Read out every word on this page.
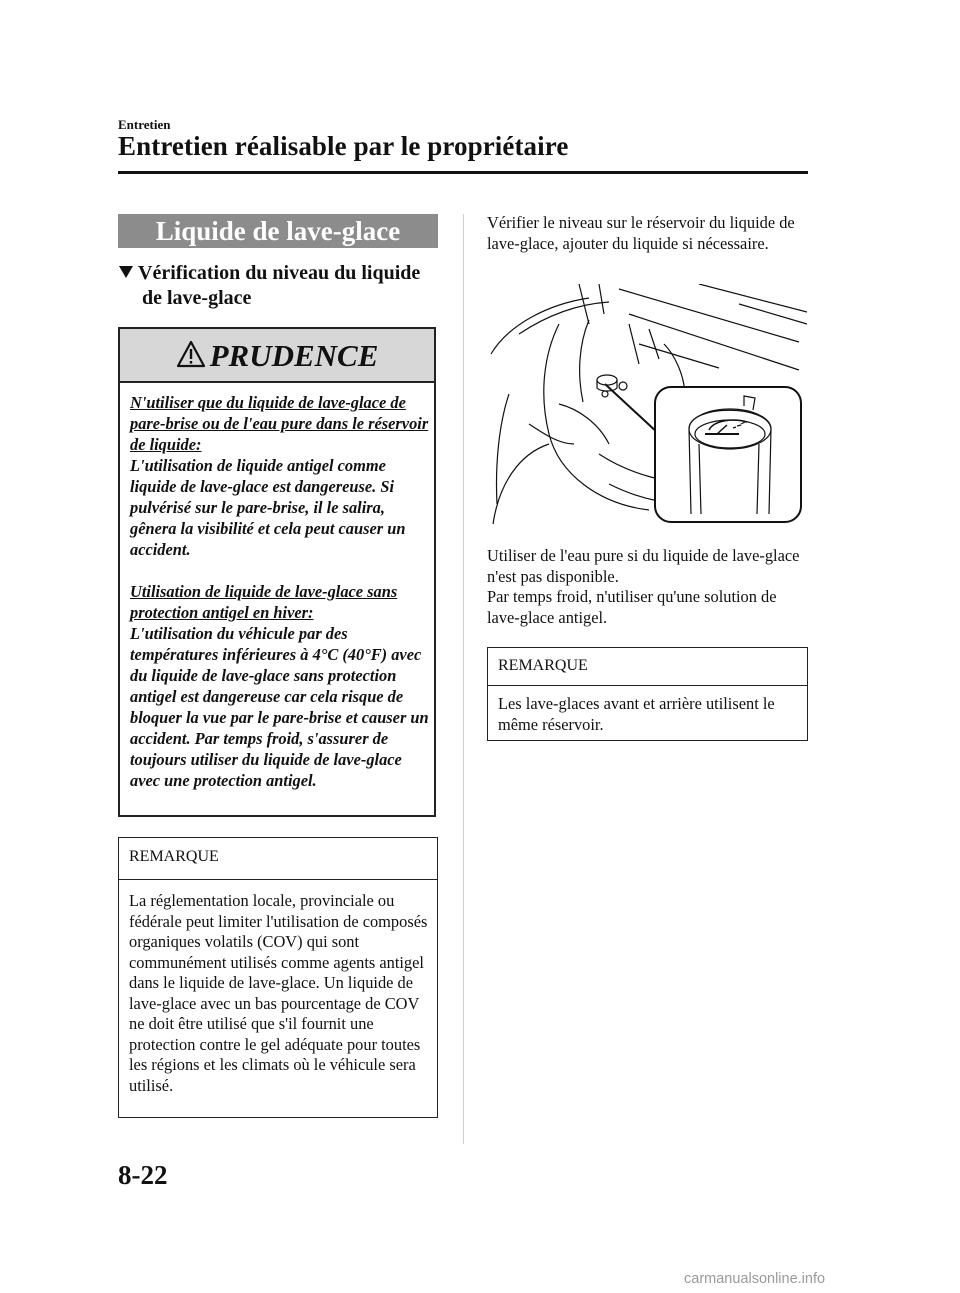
Entretien
Entretien réalisable par le propriétaire
Liquide de lave-glace
Vérification du niveau du liquide
de lave-glace
PRUDENCE

N'utiliser que du liquide de lave-glace de pare-brise ou de l'eau pure dans le réservoir de liquide:

L'utilisation de liquide antigel comme liquide de lave-glace est dangereuse. Si pulvérisé sur le pare-brise, il le salira, gênera la visibilité et cela peut causer un accident.

Utilisation de liquide de lave-glace sans protection antigel en hiver:

L'utilisation du véhicule par des températures inférieures à 4°C (40°F) avec du liquide de lave-glace sans protection antigel est dangereuse car cela risque de bloquer la vue par le pare-brise et causer un accident. Par temps froid, s'assurer de toujours utiliser du liquide de lave-glace avec une protection antigel.

REMARQUE
La réglementation locale, provinciale ou fédérale peut limiter l'utilisation de composés organiques volatils (COV) qui sont communément utilisés comme agents antigel dans le liquide de lave-glace. Un liquide de lave-glace avec un bas pourcentage de COV ne doit être utilisé que s'il fournit une protection contre le gel adéquate pour toutes les régions et les climats où le véhicule sera utilisé.
Vérifier le niveau sur le réservoir du liquide de lave-glace, ajouter du liquide si nécessaire.
Utiliser de l'eau pure si du liquide de lave-glace n'est pas disponible.
Par temps froid, n'utiliser qu'une solution de lave-glace antigel.
REMARQUE
Les lave-glaces avant et arrière utilisent le même réservoir.
8-22
carmanualsonline.info
